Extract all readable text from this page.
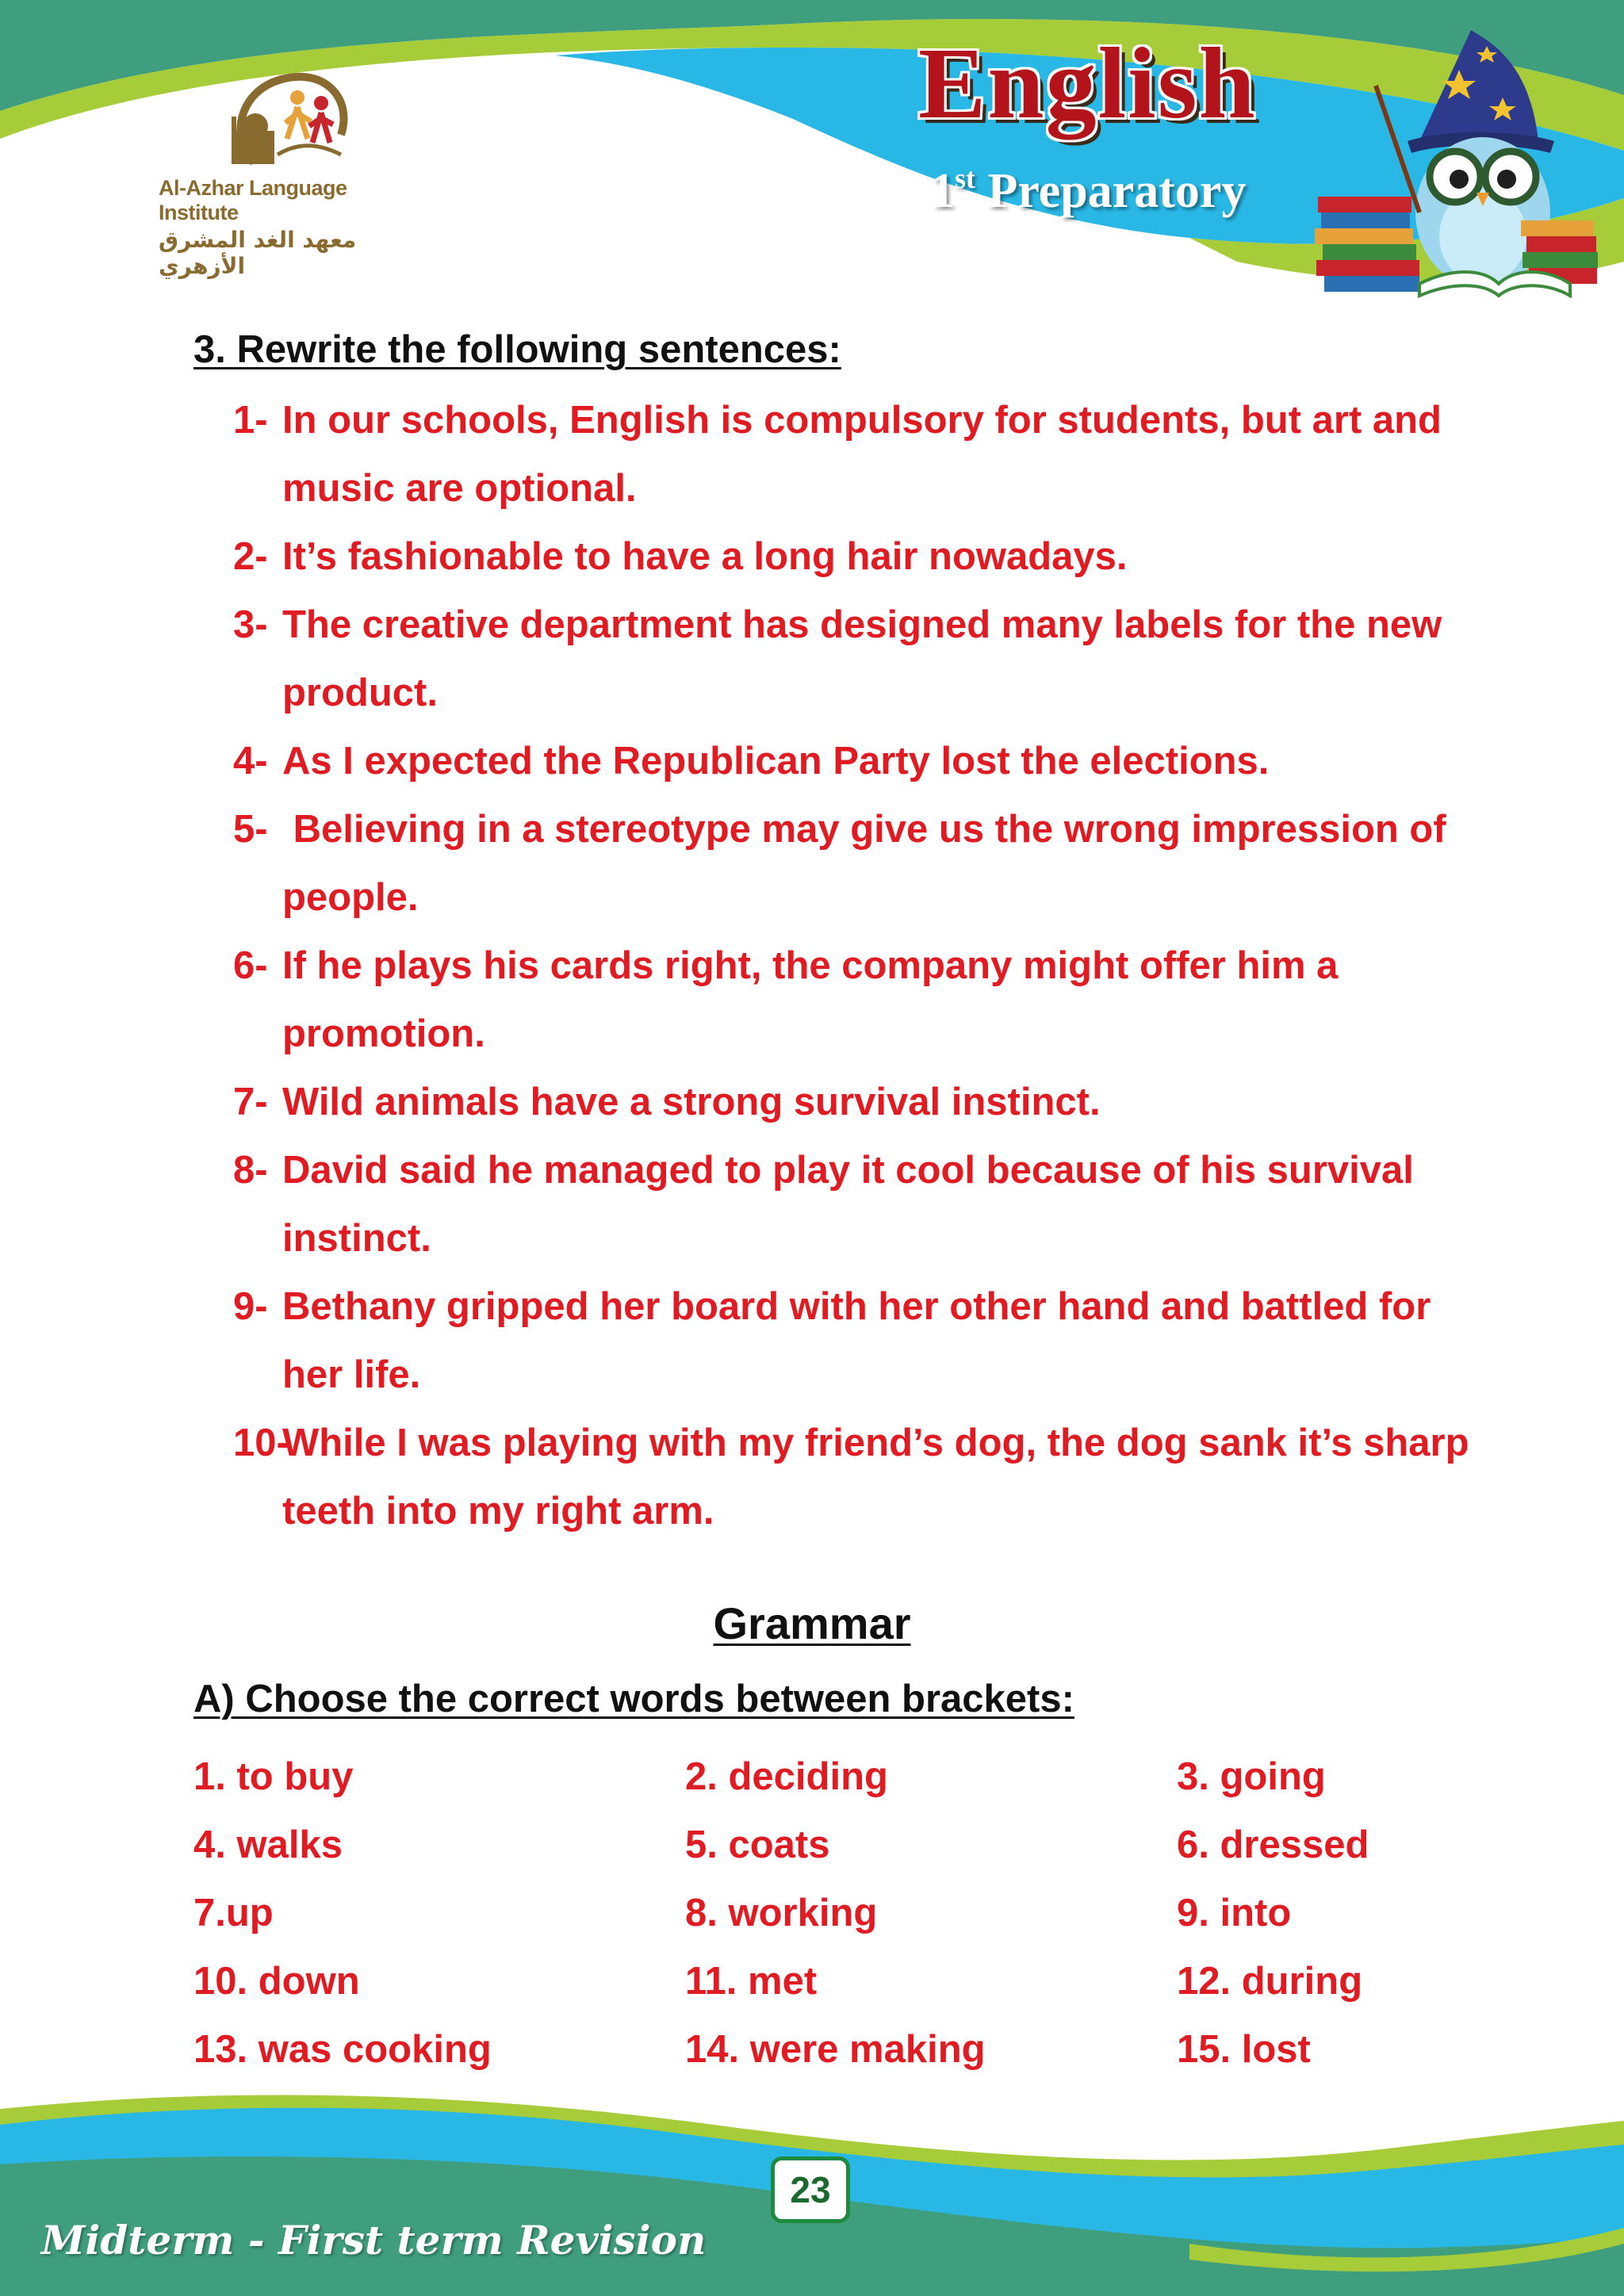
Al-Azhar Language Institute
معهد الغد المشرق الأزهري
English
1st Preparatory
3. Rewrite the following sentences:
1- In our schools, English is compulsory for students, but art and music are optional.
2- It’s fashionable to have a long hair nowadays.
3- The creative department has designed many labels for the new product.
4- As I expected the Republican Party lost the elections.
5- Believing in a stereotype may give us the wrong impression of people.
6- If he plays his cards right, the company might offer him a promotion.
7- Wild animals have a strong survival instinct.
8- David said he managed to play it cool because of his survival instinct.
9- Bethany gripped her board with her other hand and battled for her life.
10-
While I was playing with my friend’s dog, the dog sank it’s sharp teeth into my right arm.
Grammar
A) Choose the correct words between brackets:
1. to buy	2. deciding	3. going
4. walks	5. coats	6. dressed
7.up	8. working	9. into
10. down	11. met	12. during
13. was cooking	14. were making	15. lost
23
Midterm - First term Revision
